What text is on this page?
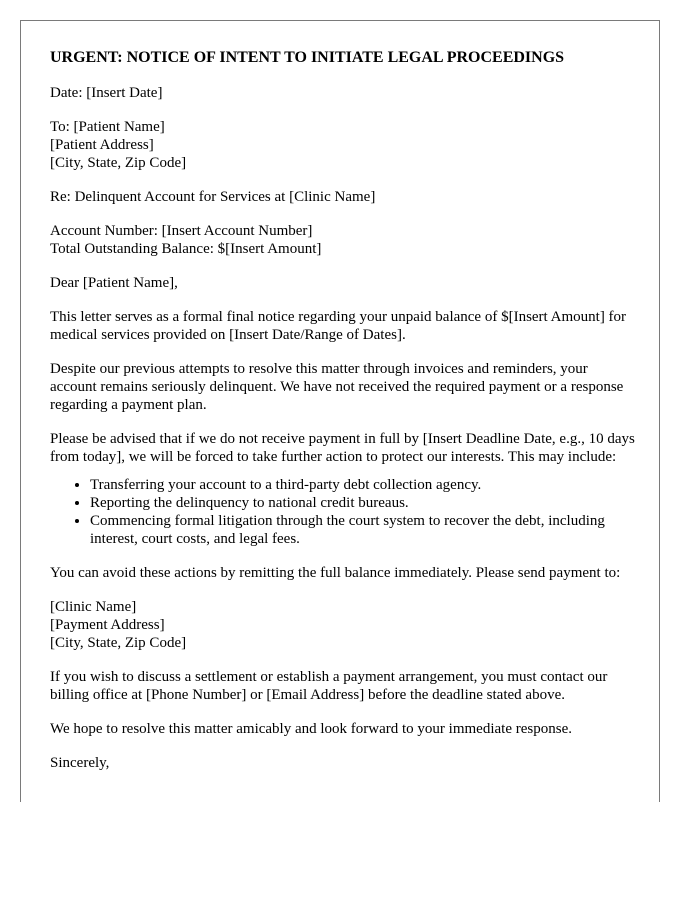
URGENT: NOTICE OF INTENT TO INITIATE LEGAL PROCEEDINGS

Date: [Insert Date]

To: [Patient Name]
[Patient Address]
[City, State, Zip Code]

Re: Delinquent Account for Services at [Clinic Name]

Account Number: [Insert Account Number]
Total Outstanding Balance: $[Insert Amount]

Dear [Patient Name],

This letter serves as a formal final notice regarding your unpaid balance of $[Insert Amount] for medical services provided on [Insert Date/Range of Dates].

Despite our previous attempts to resolve this matter through invoices and reminders, your account remains seriously delinquent. We have not received the required payment or a response regarding a payment plan.

Please be advised that if we do not receive payment in full by [Insert Deadline Date, e.g., 10 days from today], we will be forced to take further action to protect our interests. This may include:

• Transferring your account to a third-party debt collection agency.
• Reporting the delinquency to national credit bureaus.
• Commencing formal litigation through the court system to recover the debt, including interest, court costs, and legal fees.

You can avoid these actions by remitting the full balance immediately. Please send payment to:

[Clinic Name]
[Payment Address]
[City, State, Zip Code]

If you wish to discuss a settlement or establish a payment arrangement, you must contact our billing office at [Phone Number] or [Email Address] before the deadline stated above.

We hope to resolve this matter amicably and look forward to your immediate response.

Sincerely,
